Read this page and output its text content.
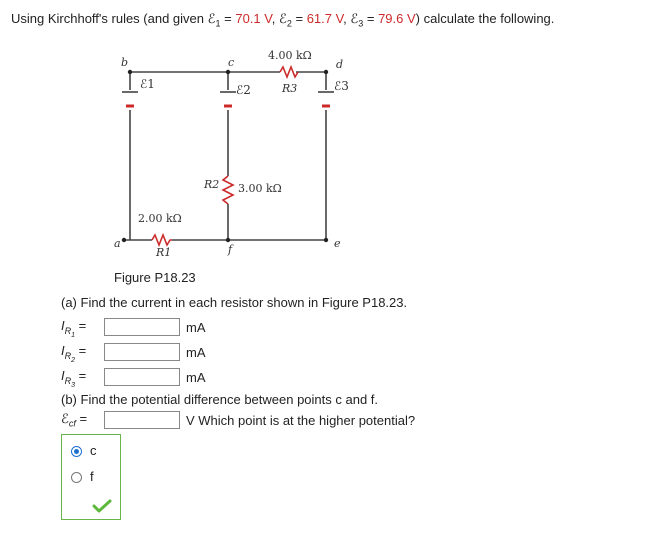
Using Kirchhoff's rules (and given ℰ$_1$ = 70.1 V, ℰ$_2$ = 61.7 V, ℰ$_3$ = 79.6 V) calculate the following.
b	c	d
a	f	e
ℰ1	ℰ2	ℰ3
4.00 kΩ
R3
R2 3.00 kΩ
2.00 kΩ
R1
Figure P18.23
(a) Find the current in each resistor shown in Figure P18.23.
$I_{R_1}$ =	mA
$I_{R_2}$ =	mA
$I_{R_3}$ =	mA
(b) Find the potential difference between points c and f.
ℰ$_{cf}$ =	V Which point is at the higher potential?
c
f
